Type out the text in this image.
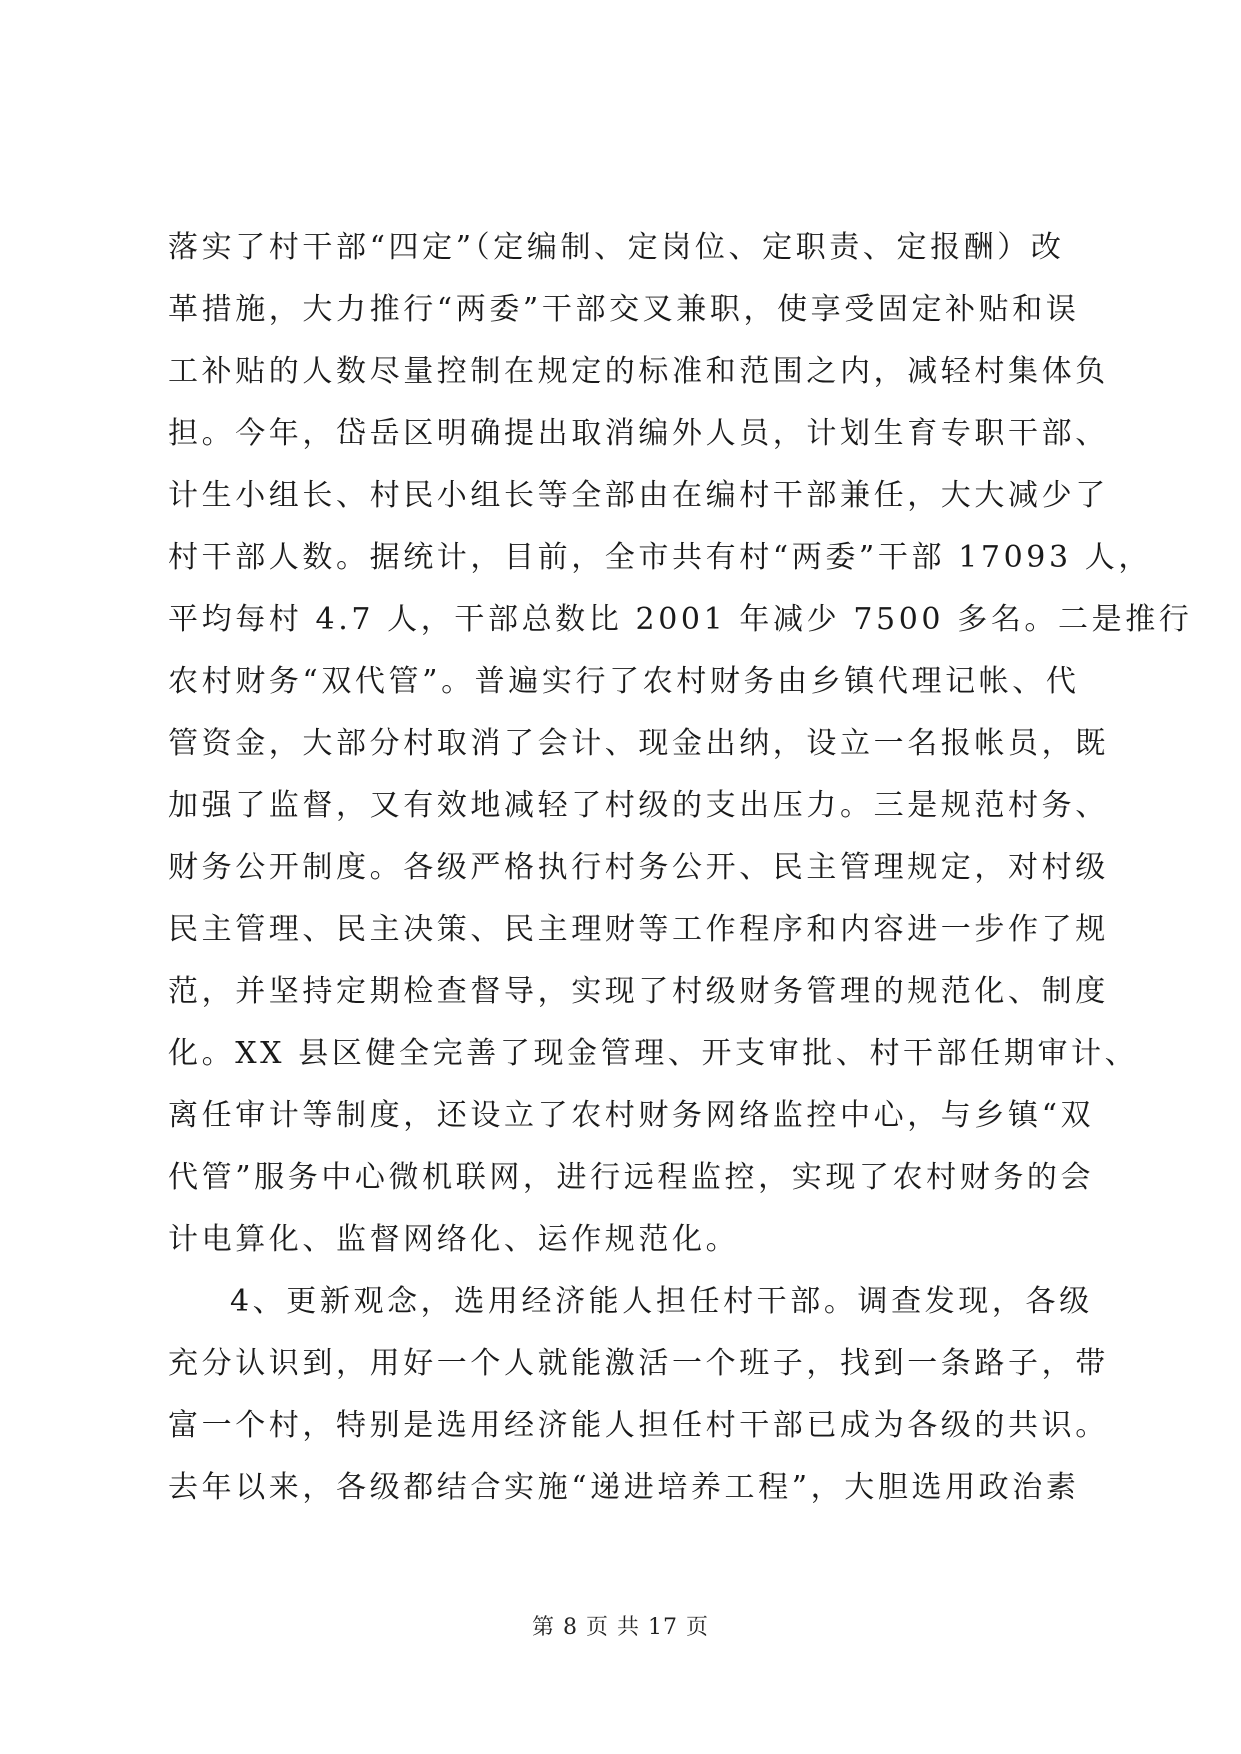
落实了村干部“四定”（定编制、定岗位、定职责、定报酬）改
革措施，大力推行“两委”干部交叉兼职，使享受固定补贴和误
工补贴的人数尽量控制在规定的标准和范围之内，减轻村集体负
担。今年，岱岳区明确提出取消编外人员，计划生育专职干部、
计生小组长、村民小组长等全部由在编村干部兼任，大大减少了
村干部人数。据统计，目前，全市共有村“两委”干部 17093 人，
平均每村 4.7 人，干部总数比 2001 年减少 7500 多名。二是推行
农村财务“双代管”。普遍实行了农村财务由乡镇代理记帐、代
管资金，大部分村取消了会计、现金出纳，设立一名报帐员，既
加强了监督，又有效地减轻了村级的支出压力。三是规范村务、
财务公开制度。各级严格执行村务公开、民主管理规定，对村级
民主管理、民主决策、民主理财等工作程序和内容进一步作了规
范，并坚持定期检查督导，实现了村级财务管理的规范化、制度
化。XX 县区健全完善了现金管理、开支审批、村干部任期审计、
离任审计等制度，还设立了农村财务网络监控中心，与乡镇“双
代管”服务中心微机联网，进行远程监控，实现了农村财务的会
计电算化、监督网络化、运作规范化。
4、更新观念，选用经济能人担任村干部。调查发现，各级
充分认识到，用好一个人就能激活一个班子，找到一条路子，带
富一个村，特别是选用经济能人担任村干部已成为各级的共识。
去年以来，各级都结合实施“递进培养工程”，大胆选用政治素
第 8 页 共 17 页
